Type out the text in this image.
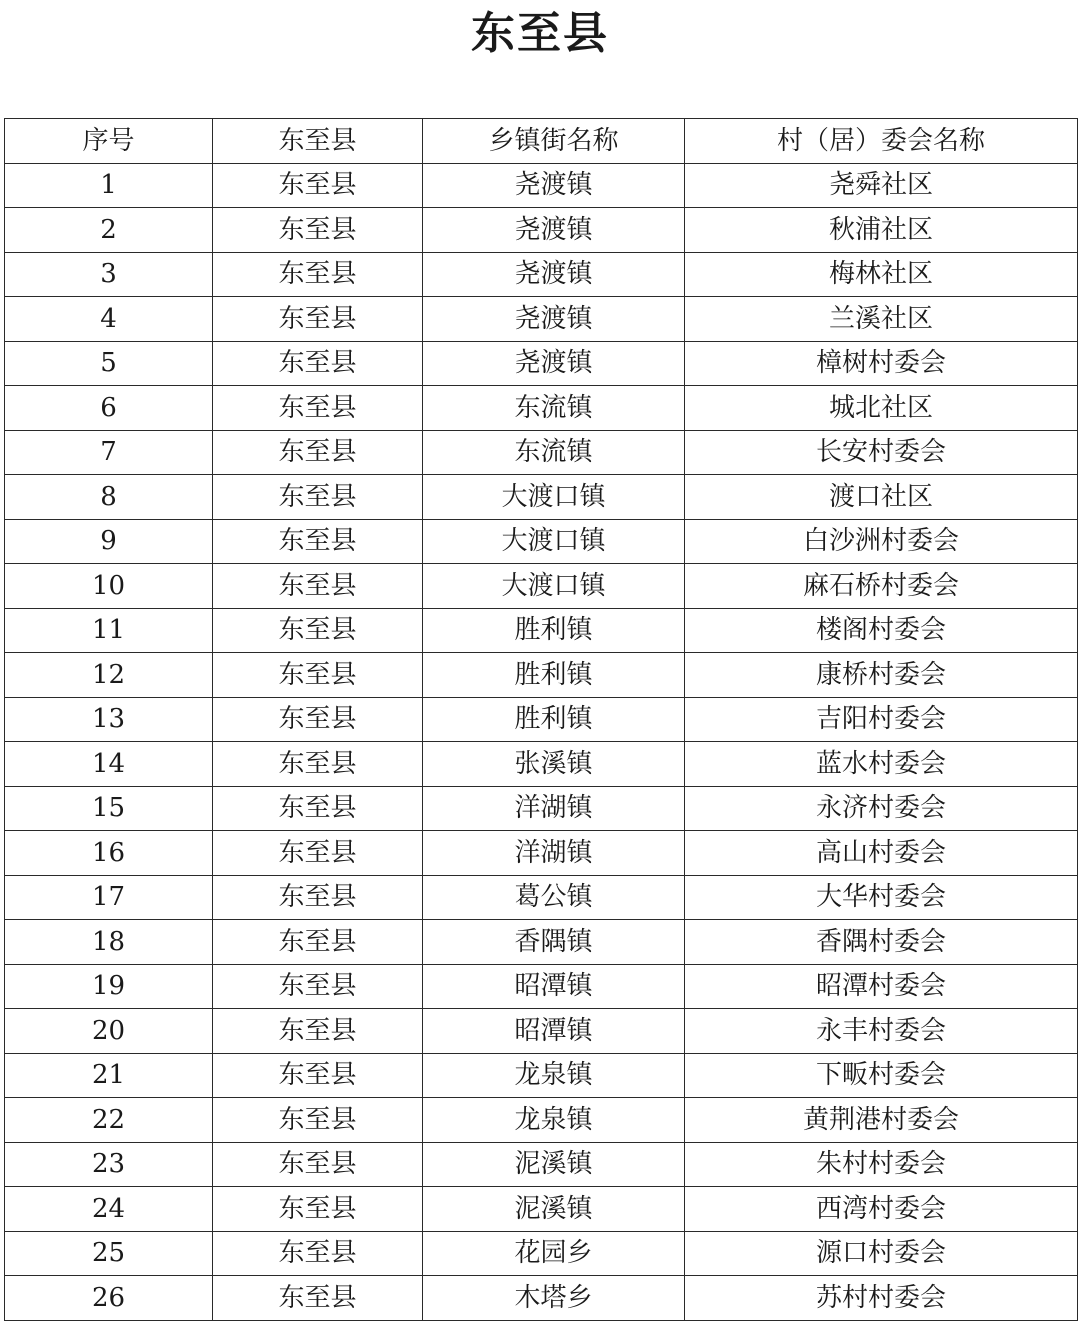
东至县
序号	东至县	乡镇街名称	村（居）委会名称
1	东至县	尧渡镇	尧舜社区
2	东至县	尧渡镇	秋浦社区
3	东至县	尧渡镇	梅林社区
4	东至县	尧渡镇	兰溪社区
5	东至县	尧渡镇	樟树村委会
6	东至县	东流镇	城北社区
7	东至县	东流镇	长安村委会
8	东至县	大渡口镇	渡口社区
9	东至县	大渡口镇	白沙洲村委会
10	东至县	大渡口镇	麻石桥村委会
11	东至县	胜利镇	楼阁村委会
12	东至县	胜利镇	康桥村委会
13	东至县	胜利镇	吉阳村委会
14	东至县	张溪镇	蓝水村委会
15	东至县	洋湖镇	永济村委会
16	东至县	洋湖镇	高山村委会
17	东至县	葛公镇	大华村委会
18	东至县	香隅镇	香隅村委会
19	东至县	昭潭镇	昭潭村委会
20	东至县	昭潭镇	永丰村委会
21	东至县	龙泉镇	下畈村委会
22	东至县	龙泉镇	黄荆港村委会
23	东至县	泥溪镇	朱村村委会
24	东至县	泥溪镇	西湾村委会
25	东至县	花园乡	源口村委会
26	东至县	木塔乡	苏村村委会
